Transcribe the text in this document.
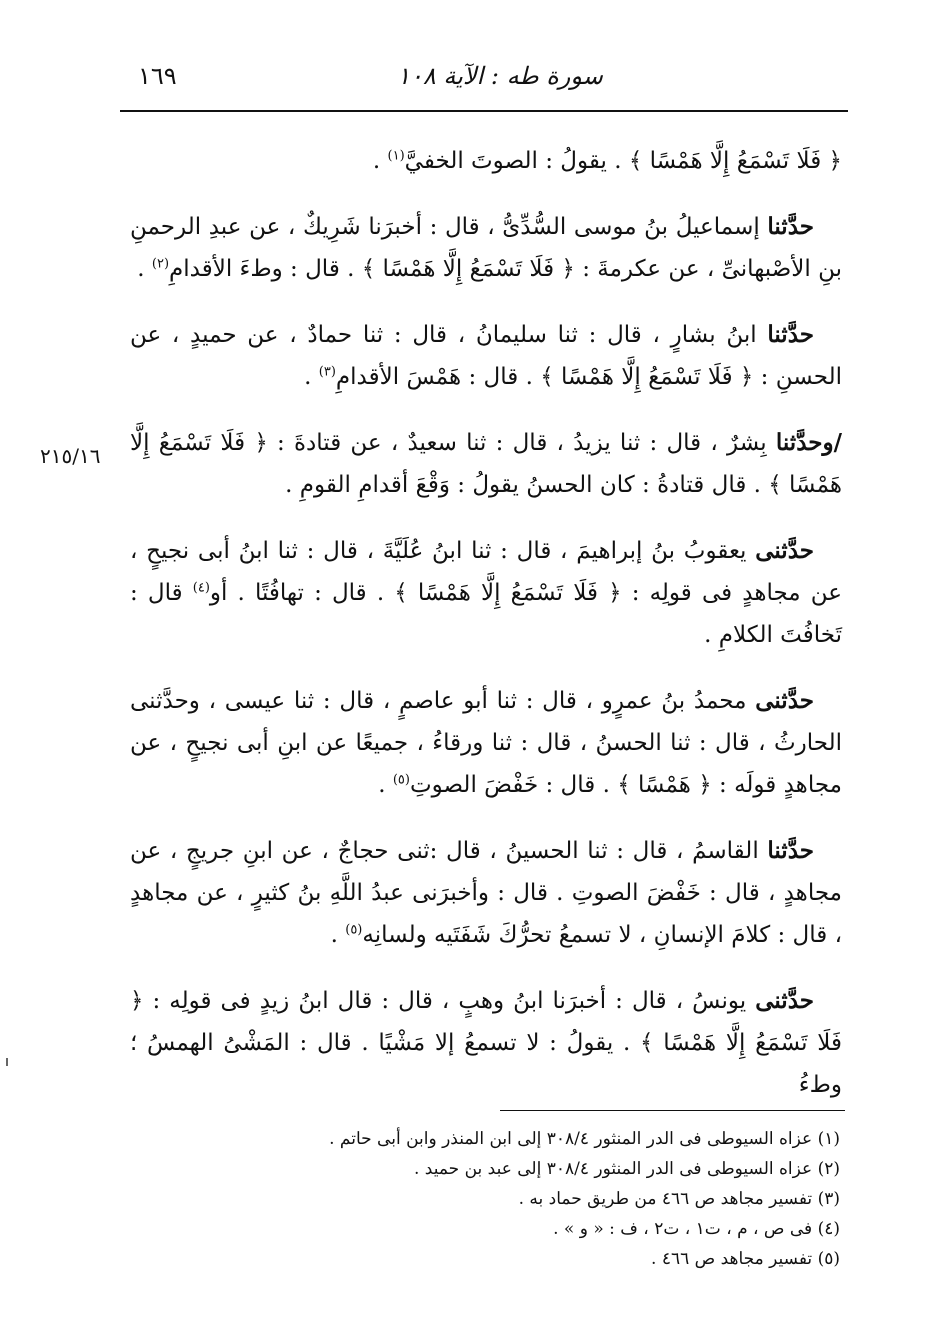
١٦٩	سورة طه : الآية ١٠٨
٢١٥/١٦

﴿ فَلَا تَسْمَعُ إِلَّا هَمْسًا ﴾ . يقولُ : الصوتَ الخفيَّ$^{(١)}$ .

حدَّثنا إسماعيلُ بنُ موسى السُّدِّىُّ ، قال : أخبرَنا شَرِيكٌ ، عن عبدِ الرحمنِ بنِ الأصْبهانىِّ ، عن عكرمةَ : ﴿ فَلَا تَسْمَعُ إِلَّا هَمْسًا ﴾ . قال : وطءَ الأقدامِ$^{(٢)}$ .

حدَّثنا ابنُ بشارٍ ، قال : ثنا سليمانُ ، قال : ثنا حمادٌ ، عن حميدٍ ، عن الحسنِ : ﴿ فَلَا تَسْمَعُ إِلَّا هَمْسًا ﴾ . قال : هَمْسَ الأقدامِ$^{(٣)}$ .

/وحدَّثنا بِشرٌ ، قال : ثنا يزيدُ ، قال : ثنا سعيدٌ ، عن قتادةَ : ﴿ فَلَا تَسْمَعُ إِلَّا هَمْسًا ﴾ . قال قتادةُ : كان الحسنُ يقولُ : وَقْعَ أقدامِ القومِ .

حدَّثنى يعقوبُ بنُ إبراهيمَ ، قال : ثنا ابنُ عُلَيَّةَ ، قال : ثنا ابنُ أبى نجيحٍ ، عن مجاهدٍ فى قولِه : ﴿ فَلَا تَسْمَعُ إِلَّا هَمْسًا ﴾ . قال : تهافُتًا . أو$^{(٤)}$ قال : تَخافُتَ الكلامِ .

حدَّثنى محمدُ بنُ عمرٍو ، قال : ثنا أبو عاصمٍ ، قال : ثنا عيسى ، وحدَّثنى الحارثُ ، قال : ثنا الحسنُ ، قال : ثنا ورقاءُ ، جميعًا عن ابنِ أبى نجيحٍ ، عن مجاهدٍ قولَه : ﴿ هَمْسًا ﴾ . قال : خَفْضَ الصوتِ$^{(٥)}$ .

حدَّثنا القاسمُ ، قال : ثنا الحسينُ ، قال :ثنى حجاجٌ ، عن ابنِ جريجٍ ، عن مجاهدٍ ، قال : خَفْضَ الصوتِ . قال : وأخبرَنى عبدُ اللَّهِ بنُ كثيرٍ ، عن مجاهدٍ ، قال : كلامَ الإنسانِ ، لا تسمعُ تحرُّكَ شَفَتَيه ولسانِه$^{(٥)}$ .

حدَّثنى يونسُ ، قال : أخبرَنا ابنُ وهبٍ ، قال : قال ابنُ زيدٍ فى قولِه : ﴿ فَلَا تَسْمَعُ إِلَّا هَمْسًا ﴾ . يقولُ : لا تسمعُ إلا مَشْيًا . قال : المَشْىُ الهمسُ ؛ وطءُ

(١) عزاه السيوطى فى الدر المنثور ٣٠٨/٤ إلى ابن المنذر وابن أبى حاتم .

(٢) عزاه السيوطى فى الدر المنثور ٣٠٨/٤ إلى عبد بن حميد .

(٣) تفسير مجاهد ص ٤٦٦ من طريق حماد به .

(٤) فى ص ، م ، ت١ ، ت٢ ، ف : « و » .

(٥) تفسير مجاهد ص ٤٦٦ .
